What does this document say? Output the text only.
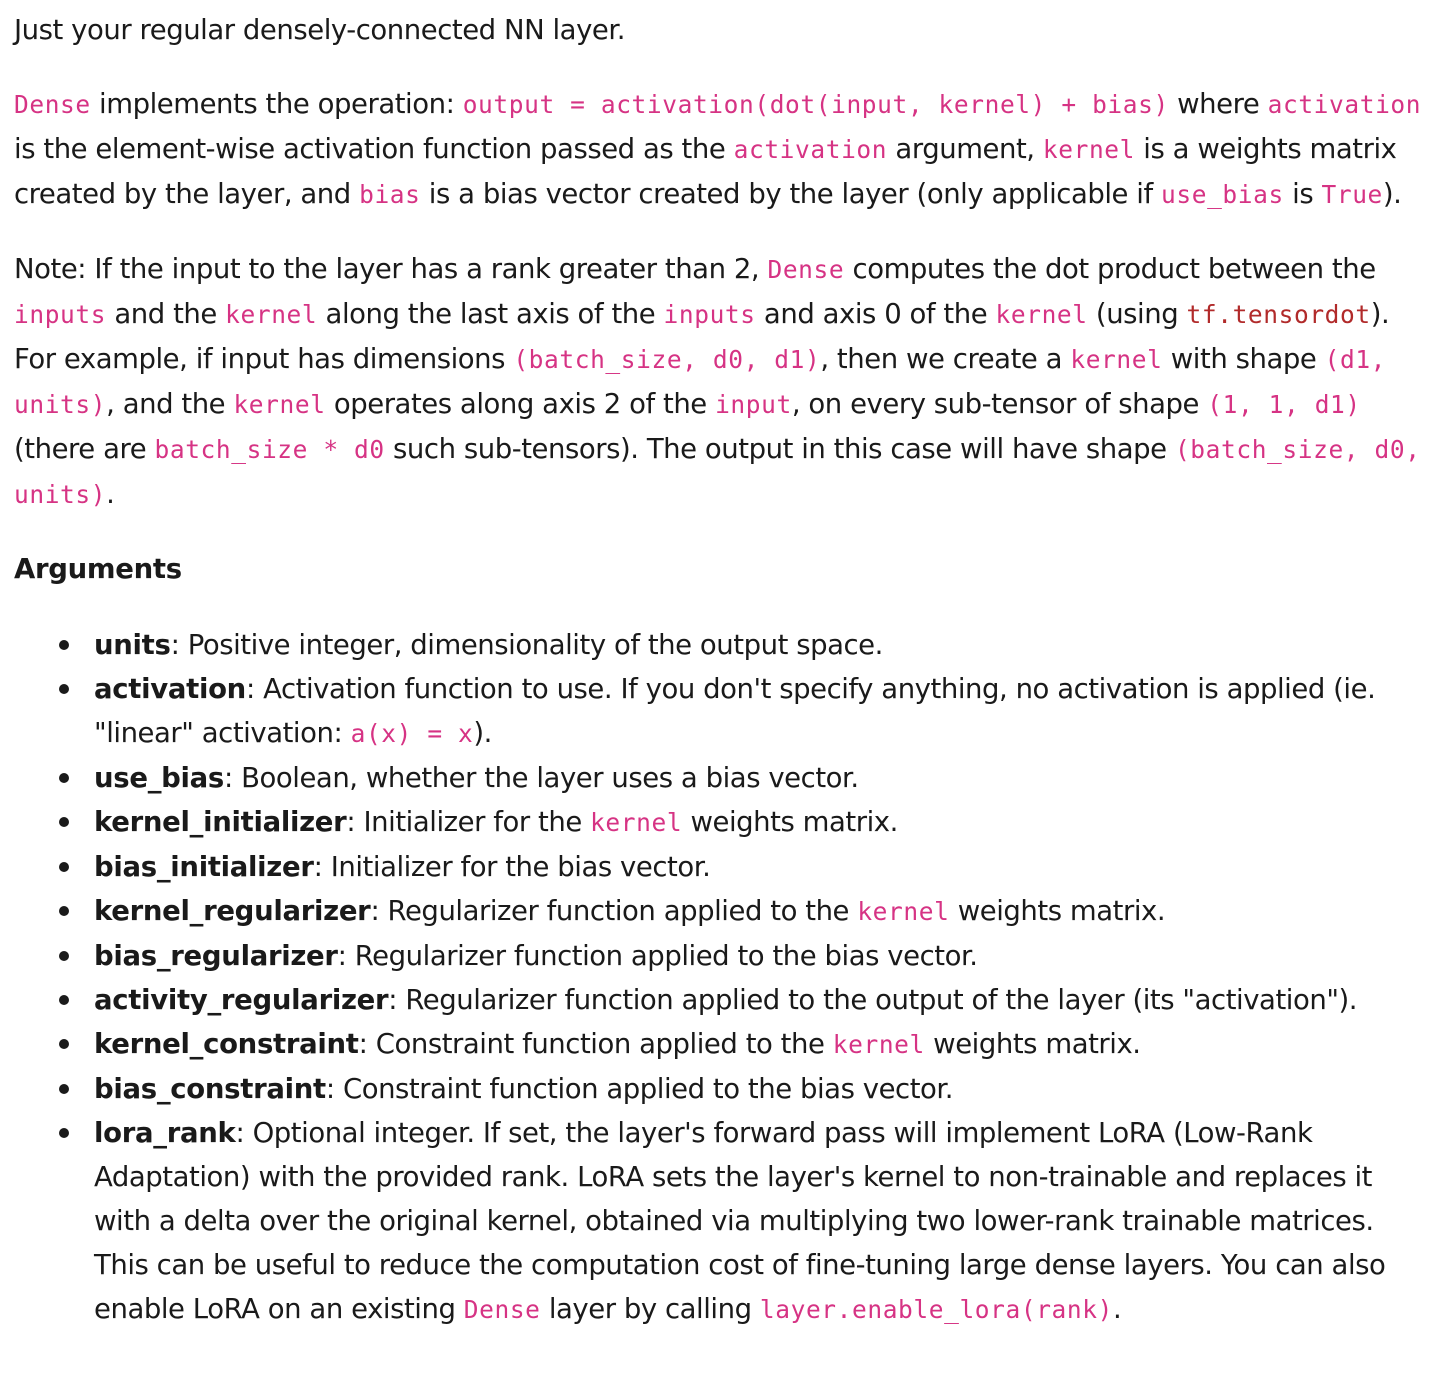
Just your regular densely-connected NN layer.

Dense implements the operation: output = activation(dot(input, kernel) + bias) where activation is the element-wise activation function passed as the activation argument, kernel is a weights matrix created by the layer, and bias is a bias vector created by the layer (only applicable if use_bias is True).

Note: If the input to the layer has a rank greater than 2, Dense computes the dot product between the inputs and the kernel along the last axis of the inputs and axis 0 of the kernel (using tf.tensordot). For example, if input has dimensions (batch_size, d0, d1), then we create a kernel with shape (d1, units), and the kernel operates along axis 2 of the input, on every sub-tensor of shape (1, 1, d1) (there are batch_size * d0 such sub-tensors). The output in this case will have shape (batch_size, d0, units).

Arguments
units: Positive integer, dimensionality of the output space.
activation: Activation function to use. If you don't specify anything, no activation is applied (ie. "linear" activation: a(x) = x).
use_bias: Boolean, whether the layer uses a bias vector.
kernel_initializer: Initializer for the kernel weights matrix.
bias_initializer: Initializer for the bias vector.
kernel_regularizer: Regularizer function applied to the kernel weights matrix.
bias_regularizer: Regularizer function applied to the bias vector.
activity_regularizer: Regularizer function applied to the output of the layer (its "activation").
kernel_constraint: Constraint function applied to the kernel weights matrix.
bias_constraint: Constraint function applied to the bias vector.
lora_rank: Optional integer. If set, the layer's forward pass will implement LoRA (Low-Rank Adaptation) with the provided rank. LoRA sets the layer's kernel to non-trainable and replaces it with a delta over the original kernel, obtained via multiplying two lower-rank trainable matrices. This can be useful to reduce the computation cost of fine-tuning large dense layers. You can also enable LoRA on an existing Dense layer by calling layer.enable_lora(rank).
